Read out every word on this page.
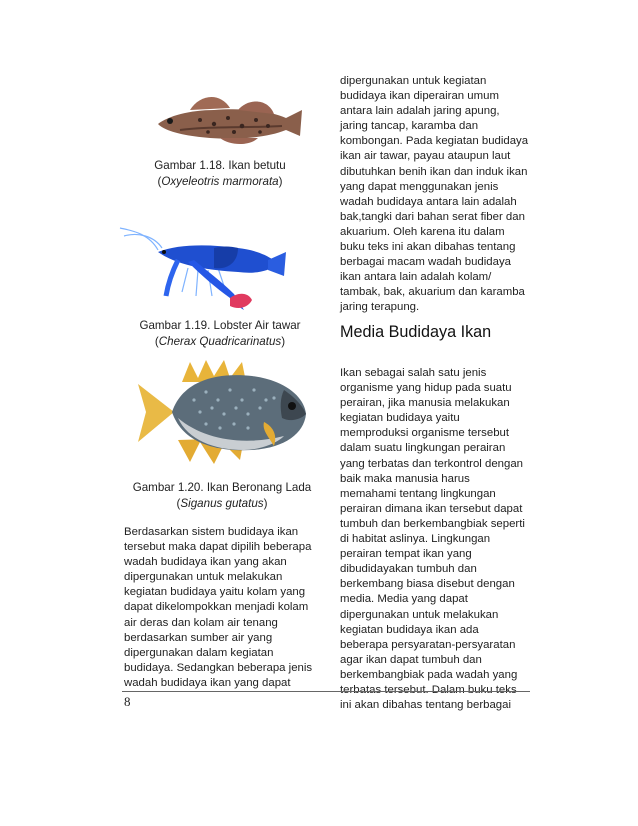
Gambar 1.18. Ikan betutu
(Oxyeleotris marmorata)
Gambar 1.19. Lobster Air tawar
(Cherax Quadricarinatus)
Gambar 1.20. Ikan Beronang Lada
(Siganus gutatus)
Berdasarkan sistem budidaya ikan
tersebut maka dapat dipilih beberapa
wadah budidaya ikan yang akan
dipergunakan untuk melakukan
kegiatan budidaya yaitu kolam yang
dapat dikelompokkan menjadi kolam
air deras dan kolam air tenang
berdasarkan sumber air yang
dipergunakan dalam kegiatan
budidaya. Sedangkan beberapa jenis
wadah budidaya ikan yang dapat
dipergunakan untuk kegiatan
budidaya ikan diperairan umum
antara lain adalah jaring apung,
jaring tancap, karamba dan
kombongan. Pada kegiatan budidaya
ikan air tawar, payau ataupun laut
dibutuhkan benih ikan dan induk ikan
yang dapat menggunakan jenis
wadah budidaya antara lain adalah
bak,tangki dari bahan serat fiber dan
akuarium. Oleh karena itu dalam
buku teks ini akan dibahas tentang
berbagai macam wadah budidaya
ikan antara lain adalah kolam/
tambak, bak, akuarium dan karamba
jaring terapung.
Media Budidaya Ikan
Ikan sebagai salah satu jenis
organisme yang hidup pada suatu
perairan, jika manusia melakukan
kegiatan budidaya yaitu
memproduksi organisme tersebut
dalam suatu lingkungan perairan
yang terbatas dan terkontrol dengan
baik maka manusia harus
memahami tentang lingkungan
perairan dimana ikan tersebut dapat
tumbuh dan berkembangbiak seperti
di habitat aslinya. Lingkungan
perairan tempat ikan yang
dibudidayakan tumbuh dan
berkembang biasa disebut dengan
media. Media yang dapat
dipergunakan untuk melakukan
kegiatan budidaya ikan ada
beberapa persyaratan-persyaratan
agar ikan dapat tumbuh dan
berkembangbiak pada wadah yang
terbatas tersebut. Dalam buku teks
ini akan dibahas tentang berbagai
8
